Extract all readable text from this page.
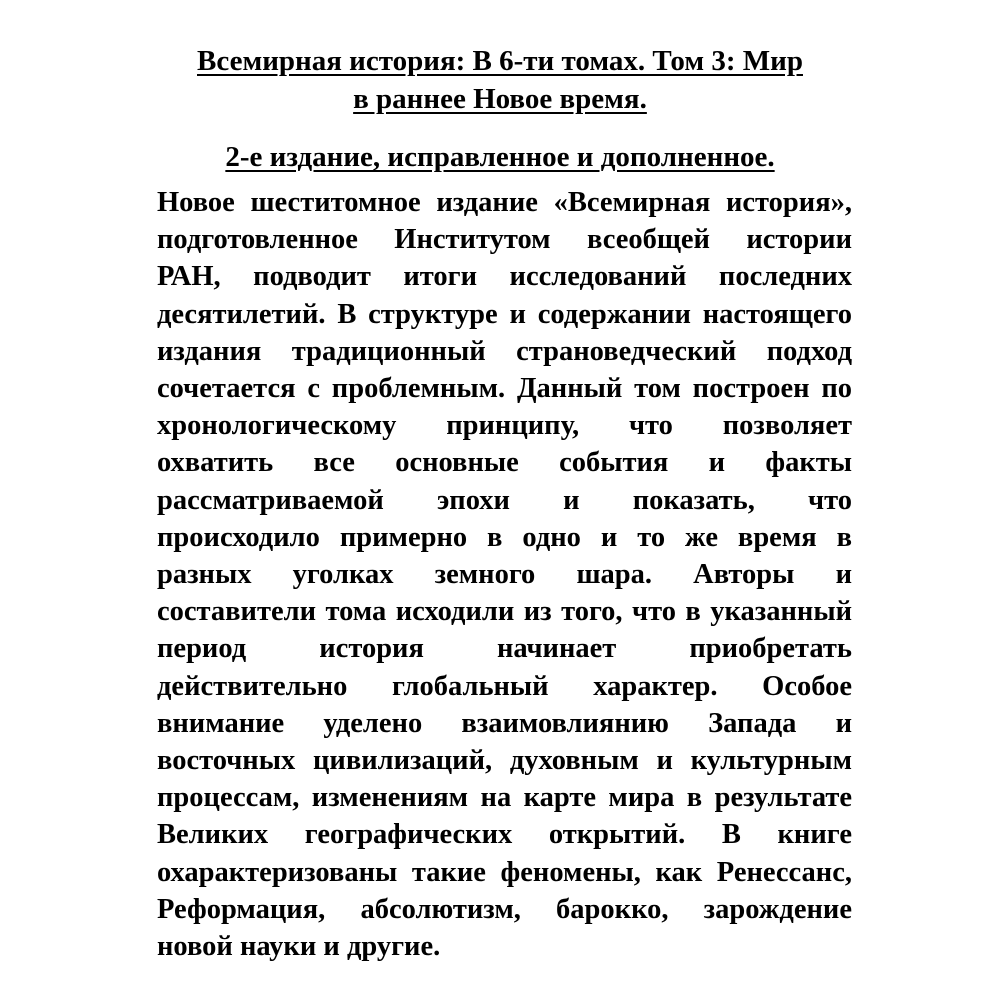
Всемирная история: В 6-ти томах. Том 3: Мир
в раннее Новое время.
2-е издание, исправленное и дополненное.
Новое шеститомное издание «Всемирная история»,
подготовленное Институтом всеобщей истории
РАН, подводит итоги исследований последних
десятилетий. В структуре и содержании настоящего
издания традиционный страноведческий подход
сочетается с проблемным. Данный том построен по
хронологическому принципу, что позволяет
охватить все основные события и факты
рассматриваемой эпохи и показать, что
происходило примерно в одно и то же время в
разных уголках земного шара. Авторы и
составители тома исходили из того, что в указанный
период история начинает приобретать
действительно глобальный характер. Особое
внимание уделено взаимовлиянию Запада и
восточных цивилизаций, духовным и культурным
процессам, изменениям на карте мира в результате
Великих географических открытий. В книге
охарактеризованы такие феномены, как Ренессанс,
Реформация, абсолютизм, барокко, зарождение
новой науки и другие.
